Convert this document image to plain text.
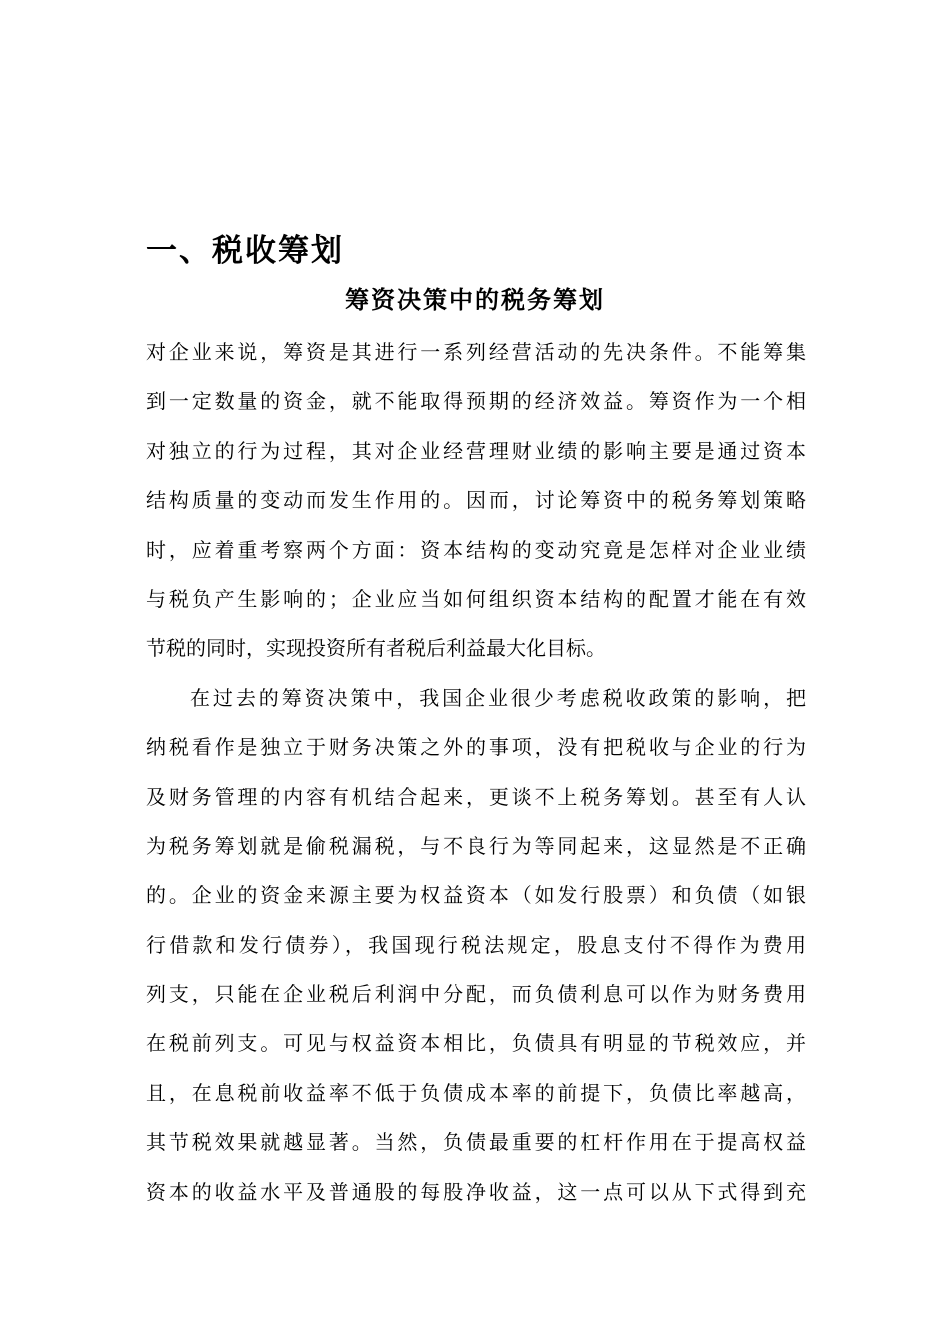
一、税收筹划
筹资决策中的税务筹划
对企业来说，筹资是其进行一系列经营活动的先决条件。不能筹集
到一定数量的资金，就不能取得预期的经济效益。筹资作为一个相
对独立的行为过程，其对企业经营理财业绩的影响主要是通过资本
结构质量的变动而发生作用的。因而，讨论筹资中的税务筹划策略
时，应着重考察两个方面：资本结构的变动究竟是怎样对企业业绩
与税负产生影响的；企业应当如何组织资本结构的配置才能在有效
节税的同时，实现投资所有者税后利益最大化目标。
在过去的筹资决策中，我国企业很少考虑税收政策的影响，把
纳税看作是独立于财务决策之外的事项，没有把税收与企业的行为
及财务管理的内容有机结合起来，更谈不上税务筹划。甚至有人认
为税务筹划就是偷税漏税，与不良行为等同起来，这显然是不正确
的。企业的资金来源主要为权益资本（如发行股票）和负债（如银
行借款和发行债券），我国现行税法规定，股息支付不得作为费用
列支，只能在企业税后利润中分配，而负债利息可以作为财务费用
在税前列支。可见与权益资本相比，负债具有明显的节税效应，并
且，在息税前收益率不低于负债成本率的前提下，负债比率越高，
其节税效果就越显著。当然，负债最重要的杠杆作用在于提高权益
资本的收益水平及普通股的每股净收益，这一点可以从下式得到充
